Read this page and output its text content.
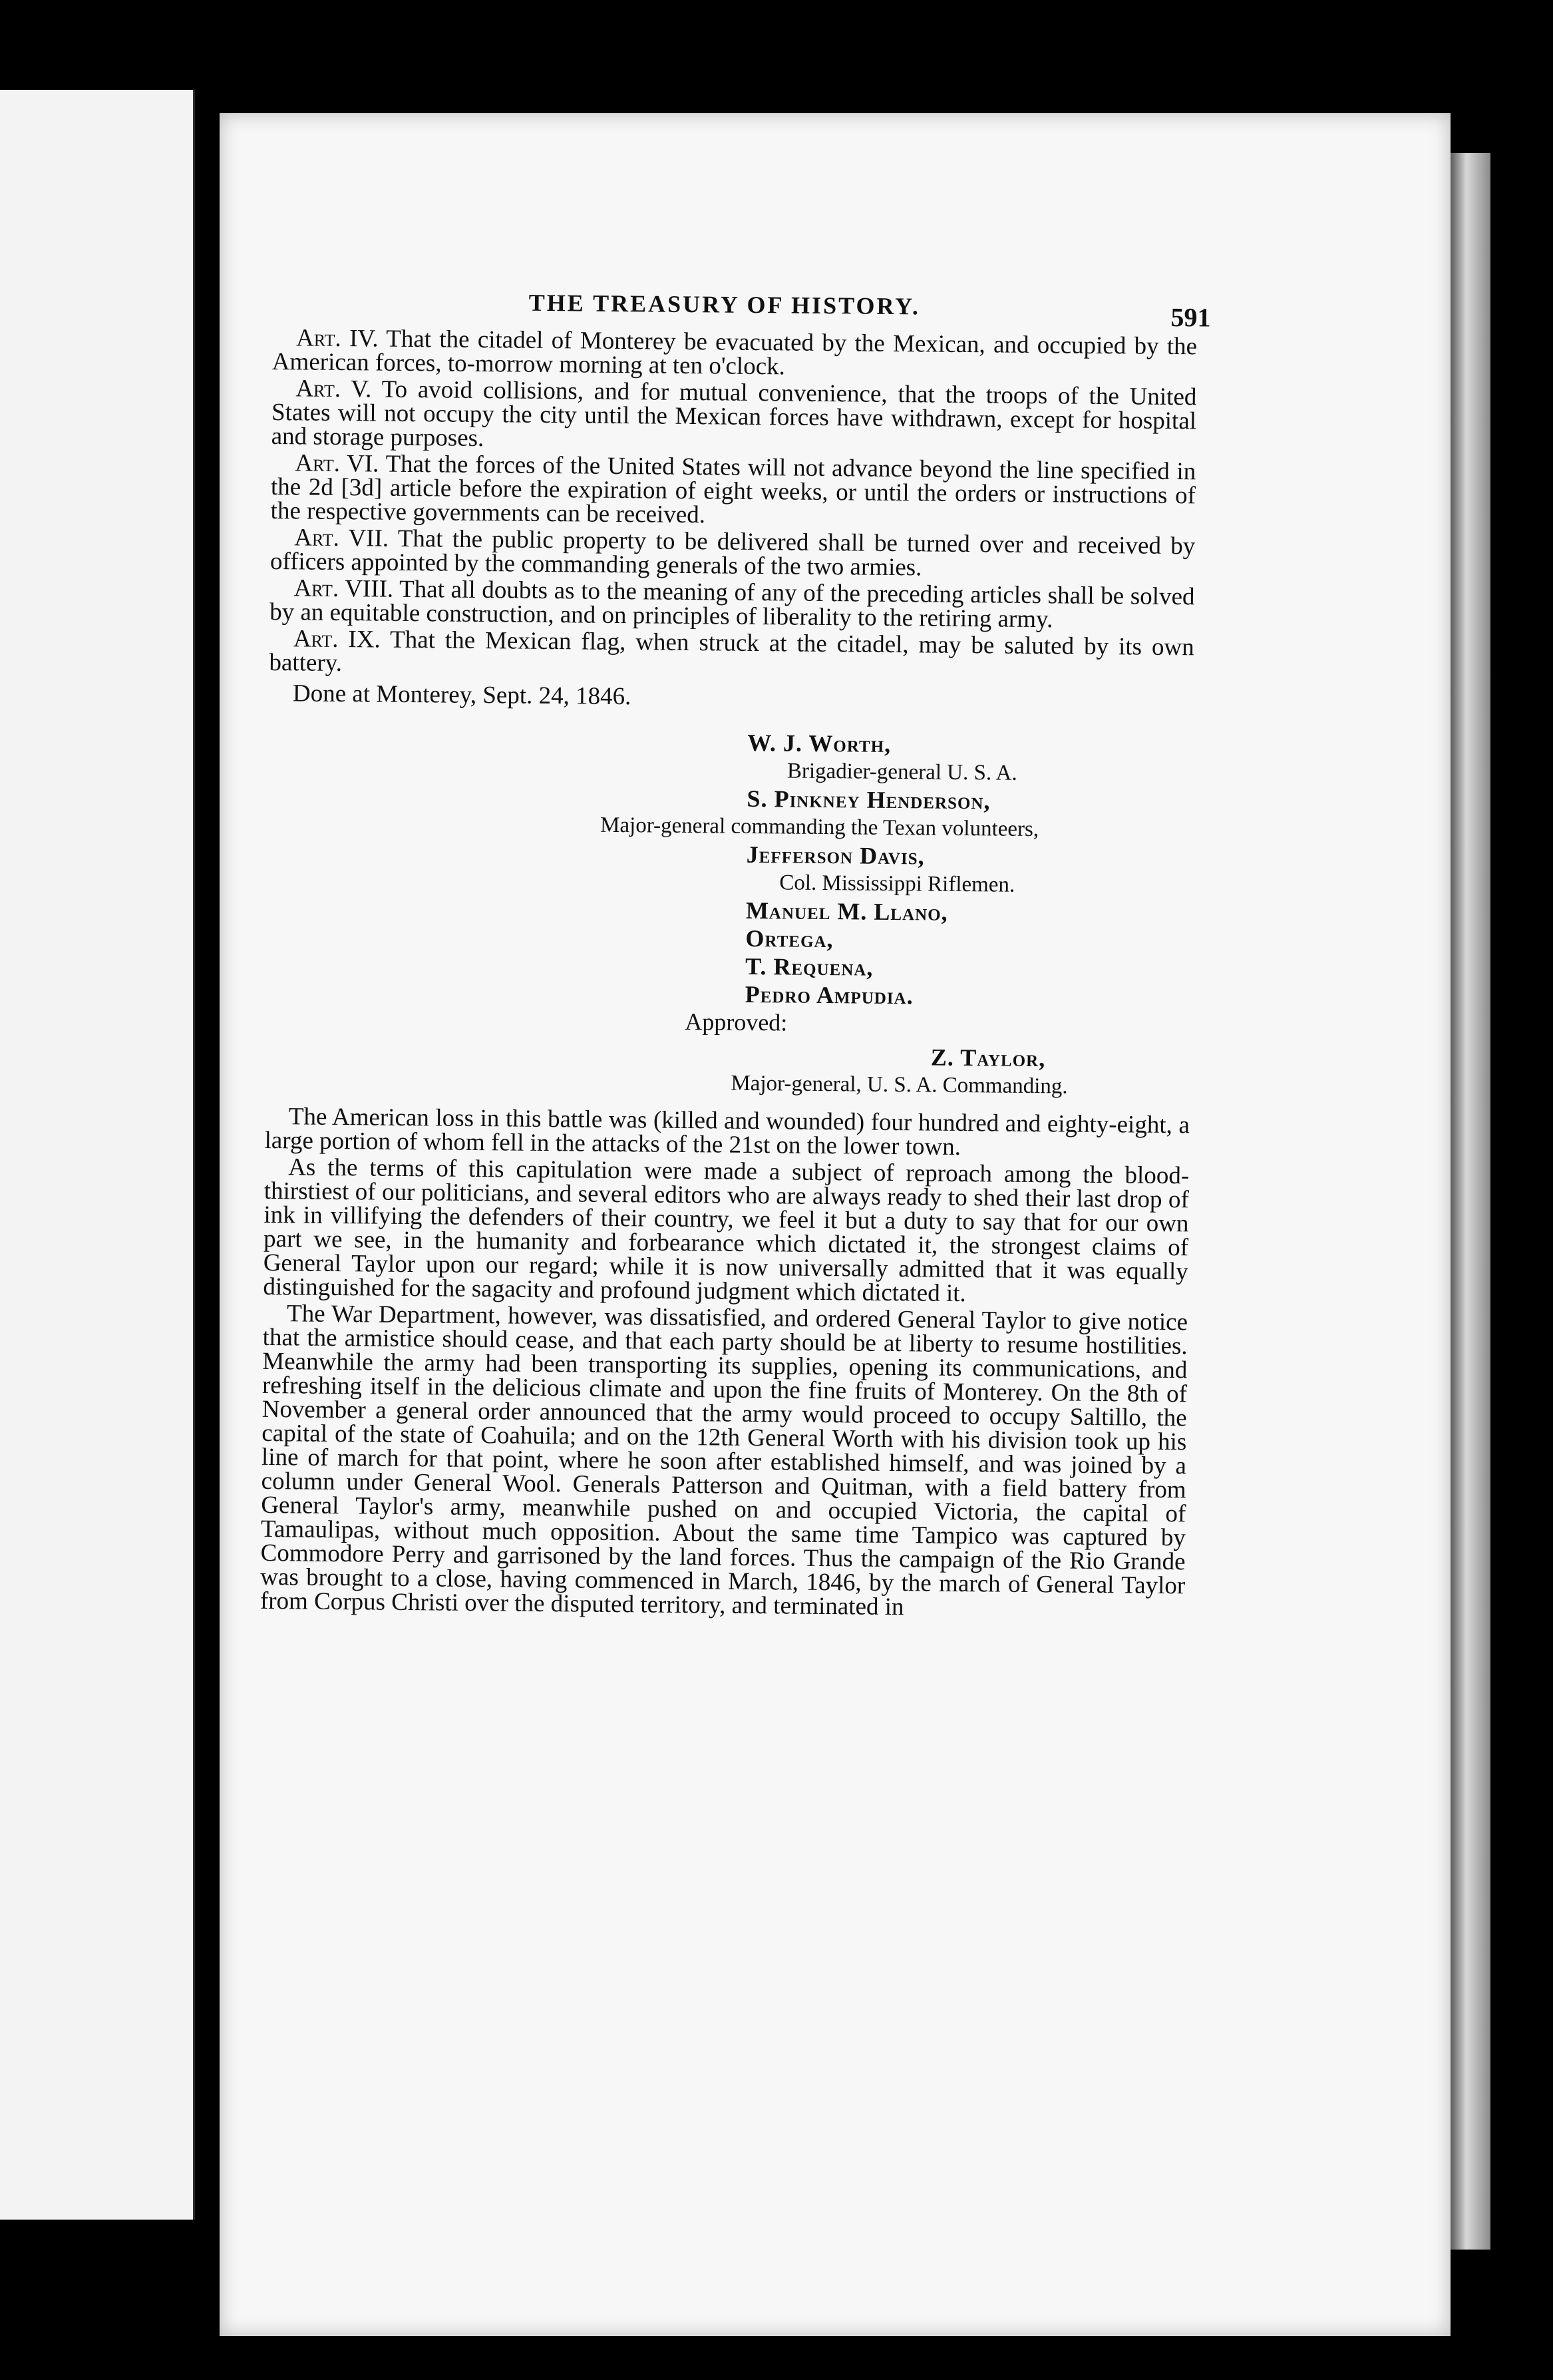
THE TREASURY OF HISTORY.	591

Art. IV. That the citadel of Monterey be evacuated by the Mexican, and occupied by the American forces, to-morrow morning at ten o'clock.

Art. V. To avoid collisions, and for mutual convenience, that the troops of the United States will not occupy the city until the Mexican forces have withdrawn, except for hospital and storage purposes.

Art. VI. That the forces of the United States will not advance beyond the line specified in the 2d [3d] article before the expiration of eight weeks, or until the orders or instructions of the respective governments can be received.

Art. VII. That the public property to be delivered shall be turned over and received by officers appointed by the commanding generals of the two armies.

Art. VIII. That all doubts as to the meaning of any of the preceding articles shall be solved by an equitable construction, and on principles of liberality to the retiring army.

Art. IX. That the Mexican flag, when struck at the citadel, may be saluted by its own battery.

Done at Monterey, Sept. 24, 1846.
W. J. Worth,
Brigadier-general U. S. A.
S. Pinkney Henderson,
Major-general commanding the Texan volunteers,
Jefferson Davis,
Col. Mississippi Riflemen.
Manuel M. Llano,
Ortega,
T. Requena,
Pedro Ampudia.
Approved:
Z. Taylor,
Major-general, U. S. A. Commanding.

The American loss in this battle was (killed and wounded) four hundred and eighty-eight, a large portion of whom fell in the attacks of the 21st on the lower town.

As the terms of this capitulation were made a subject of reproach among the blood-thirstiest of our politicians, and several editors who are always ready to shed their last drop of ink in villifying the defenders of their country, we feel it but a duty to say that for our own part we see, in the humanity and forbearance which dictated it, the strongest claims of General Taylor upon our regard; while it is now universally admitted that it was equally distinguished for the sagacity and profound judgment which dictated it.

The War Department, however, was dissatisfied, and ordered General Taylor to give notice that the armistice should cease, and that each party should be at liberty to resume hostilities. Meanwhile the army had been transporting its supplies, opening its communications, and refreshing itself in the delicious climate and upon the fine fruits of Monterey. On the 8th of November a general order announced that the army would proceed to occupy Saltillo, the capital of the state of Coahuila; and on the 12th General Worth with his division took up his line of march for that point, where he soon after established himself, and was joined by a column under General Wool. Generals Patterson and Quitman, with a field battery from General Taylor's army, meanwhile pushed on and occupied Victoria, the capital of Tamaulipas, without much opposition. About the same time Tampico was captured by Commodore Perry and garrisoned by the land forces. Thus the campaign of the Rio Grande was brought to a close, having commenced in March, 1846, by the march of General Taylor from Corpus Christi over the disputed territory, and terminated in
